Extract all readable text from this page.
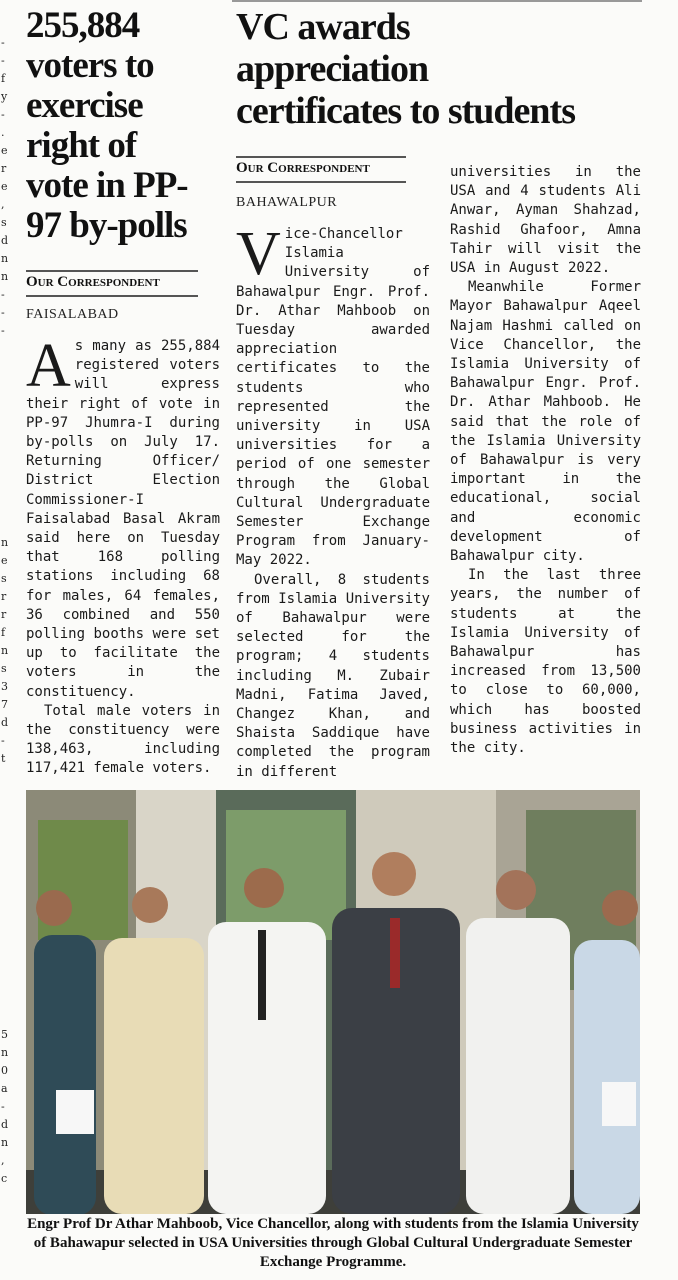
-
-
f
y
-
.
e
r
e
,
s
d
n
n
-
-
-
n
e
s
r
r
f
n
s
3
7
d
-
t
5
n
0
a
-
d
n
,
c
255,884
voters to
exercise
right of
vote in PP-
97 by-polls
Our Correspondent
FAISALABAD

As many as 255,884 registered voters will express their right of vote in PP-97 Jhumra-I during by-polls on July 17. Returning Officer/ District Election Commissioner-I Faisalabad Basal Akram said here on Tuesday that 168 polling stations including 68 for males, 64 females, 36 combined and 550 polling booths were set up to facilitate the voters in the constituency.

Total male voters in the constituency were 138,463, including 117,421 female voters.

VC awards
appreciation
certificates to students
Our Correspondent
BAHAWALPUR

Vice-Chancellor Islamia University of Bahawalpur Engr. Prof. Dr. Athar Mahboob on Tuesday awarded appreciation certificates to the students who represented the university in USA universities for a period of one semester through the Global Cultural Undergraduate Semester Exchange Program from January-May 2022.

Overall, 8 students from Islamia University of Bahawalpur were selected for the program; 4 students including M. Zubair Madni, Fatima Javed, Changez Khan, and Shaista Saddique have completed the program in different

universities in the USA and 4 students Ali Anwar, Ayman Shahzad, Rashid Ghafoor, Amna Tahir will visit the USA in August 2022.

Meanwhile Former Mayor Bahawalpur Aqeel Najam Hashmi called on Vice Chancellor, the Islamia University of Bahawalpur Engr. Prof. Dr. Athar Mahboob. He said that the role of the Islamia University of Bahawalpur is very important in the educational, social and economic development of Bahawalpur city.

In the last three years, the number of students at the Islamia University of Bahawalpur has increased from 13,500 to close to 60,000, which has boosted business activities in the city.

Engr Prof Dr Athar Mahboob, Vice Chancellor, along with students from the Islamia University of Bahawapur selected in USA Universities through Global Cultural Undergraduate Semester Exchange Programme.
